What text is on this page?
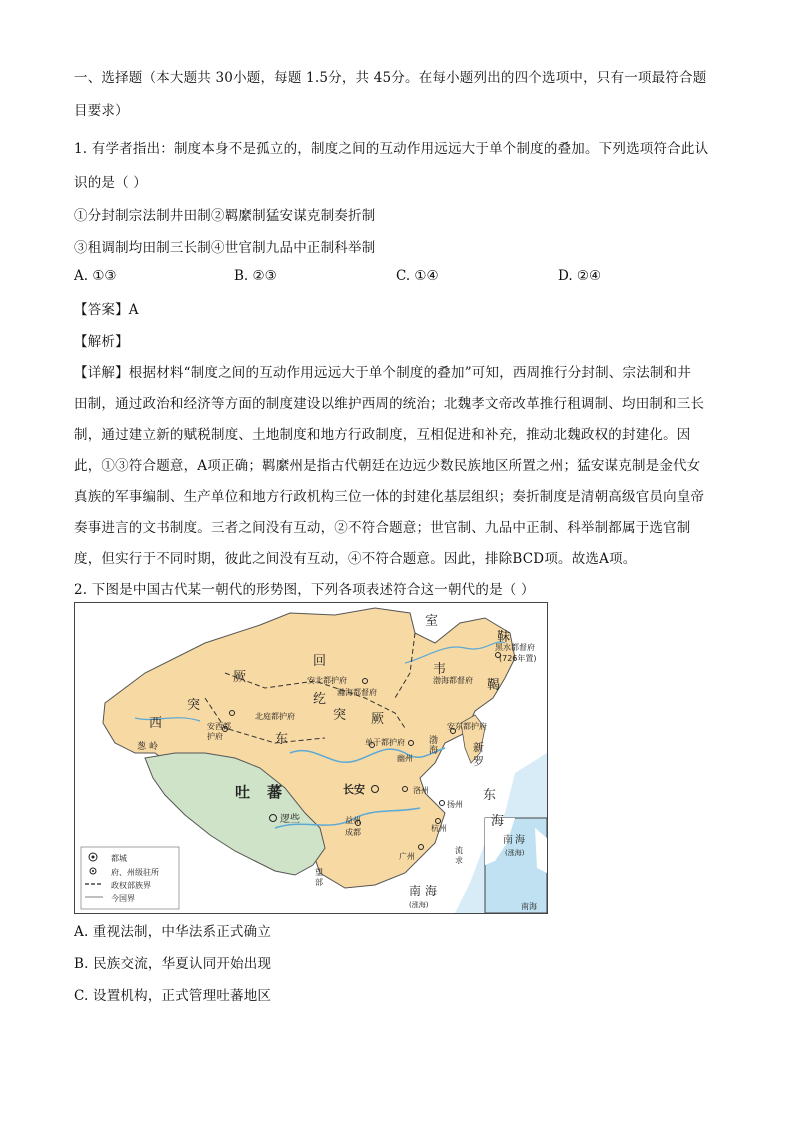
一、选择题（本大题共 30小题，每题 1.5分，共 45分。在每小题列出的四个选项中，只有一项最符合题
目要求）
1. 有学者指出：制度本身不是孤立的，制度之间的互动作用远远大于单个制度的叠加。下列选项符合此认
识的是（ ）
①分封制宗法制井田制②羁縻制猛安谋克制奏折制
③租调制均田制三长制④世官制九品中正制科举制
A. ①③	B. ②③	C. ①④	D. ②④
【答案】A
【解析】
【详解】根据材料“制度之间的互动作用远远大于单个制度的叠加”可知，西周推行分封制、宗法制和井
田制，通过政治和经济等方面的制度建设以维护西周的统治；北魏孝文帝改革推行租调制、均田制和三长
制，通过建立新的赋税制度、土地制度和地方行政制度，互相促进和补充，推动北魏政权的封建化。因
此，①③符合题意，A项正确；羁縻州是指古代朝廷在边远少数民族地区所置之州；猛安谋克制是金代女
真族的军事编制、生产单位和地方行政机构三位一体的封建化基层组织；奏折制度是清朝高级官员向皇帝
奏事进言的文书制度。三者之间没有互动，②不符合题意；世官制、九品中正制、科举制都属于选官制
度，但实行于不同时期，彼此之间没有互动，④不符合题意。因此，排除BCD项。故选A项。
2. 下图是中国古代某一朝代的形势图，下列各项表述符合这一朝代的是（ ）
都城
府、州级驻所
政权部族界
今国界
室
韦
靺
鞨
黑水都督府
(726年置)
渤海都督府
回
纥
安北都护府
瀚海都督府
突
厥
西	北庭都护府
安西都
护府	东
突 厥
单于都护府
幽州
安东都护府
新
罗
葱 岭
吐 蕃
逻些
长安	洛州
扬州
益州
成都	杭州
广州
东
海
流
求
南 海
(涨海)
南 海
(涨海)
南海
望
部
渤
海
A. 重视法制，中华法系正式确立
B. 民族交流，华夏认同开始出现
C. 设置机构，正式管理吐蕃地区
